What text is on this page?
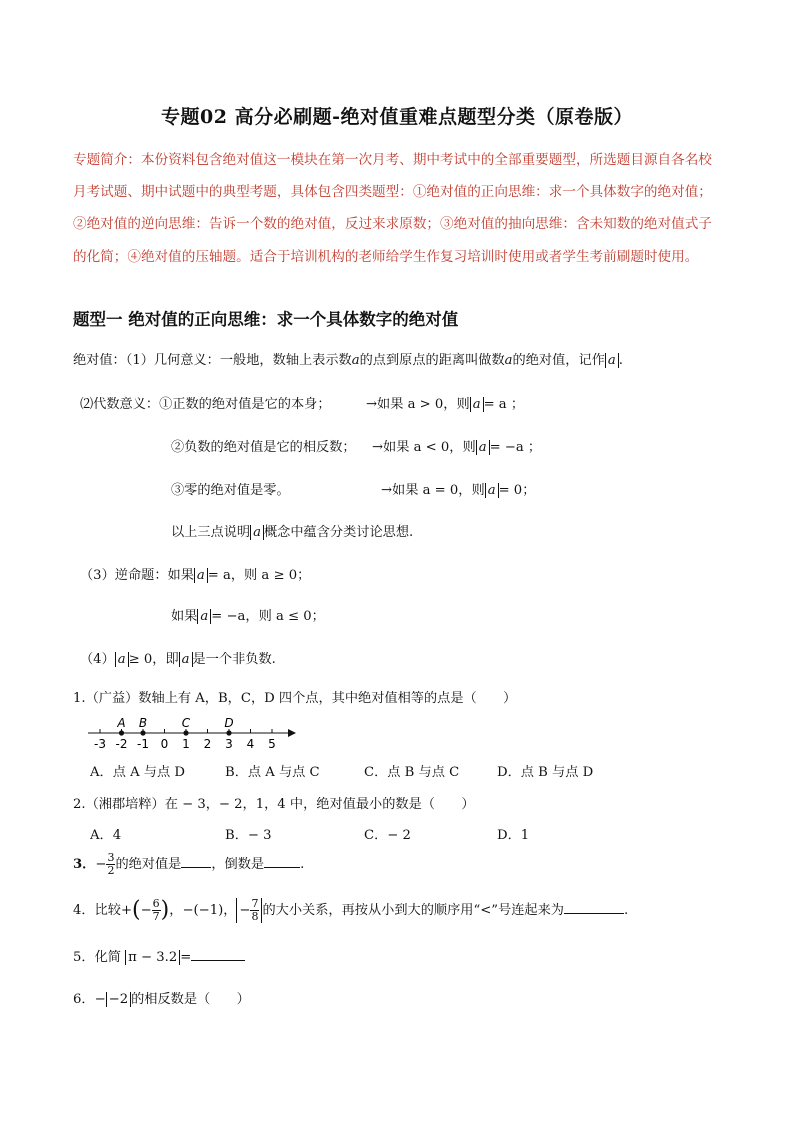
专题02 高分必刷题-绝对值重难点题型分类（原卷版）
专题简介：本份资料包含绝对值这一模块在第一次月考、期中考试中的全部重要题型，所选题目源自各名校月考试题、期中试题中的典型考题，具体包含四类题型：①绝对值的正向思维：求一个具体数字的绝对值；②绝对值的逆向思维：告诉一个数的绝对值，反过来求原数；③绝对值的抽向思维：含未知数的绝对值式子的化简；④绝对值的压轴题。适合于培训机构的老师给学生作复习培训时使用或者学生考前刷题时使用。
题型一 绝对值的正向思维：求一个具体数字的绝对值
绝对值：（1）几何意义：一般地，数轴上表示数a的点到原点的距离叫做数a的绝对值，记作 a .
⑵代数意义：①正数的绝对值是它的本身；	→如果 a > 0，则 a = a ；
②负数的绝对值是它的相反数； →如果 a < 0，则 a = −a ；
③零的绝对值是零。	→如果 a = 0，则 a = 0；
以上三点说明 a 概念中蕴含分类讨论思想.
（3）逆命题：如果 a = a，则 a ≥ 0；
如果 a = −a，则 a ≤ 0；
（4） a ≥ 0，即 a 是一个非负数.
1.（广益）数轴上有 A，B，C，D 四个点，其中绝对值相等的点是（　　）
-3 -2 -1 0 1 2 3 4 5
A B	C	D
A．点 A 与点 D	B．点 A 与点 C	C．点 B 与点 C	D．点 B 与点 D
2.（湘郡培粹）在 − 3，− 2，1，4 中，绝对值最小的数是（　　）
A．4	B．− 3	C．− 2	D．1
3．− $\frac{3}{2}$ 的绝对值是 ，倒数是	.
4．比较+(− $\frac{6}{7}$ )，−(−1)， − $\frac{7}{8}$ 的大小关系，再按从小到大的顺序用“<”号连起来为	.
5．化简 π − 3.2 =
6．− −2 的相反数是（　　）
